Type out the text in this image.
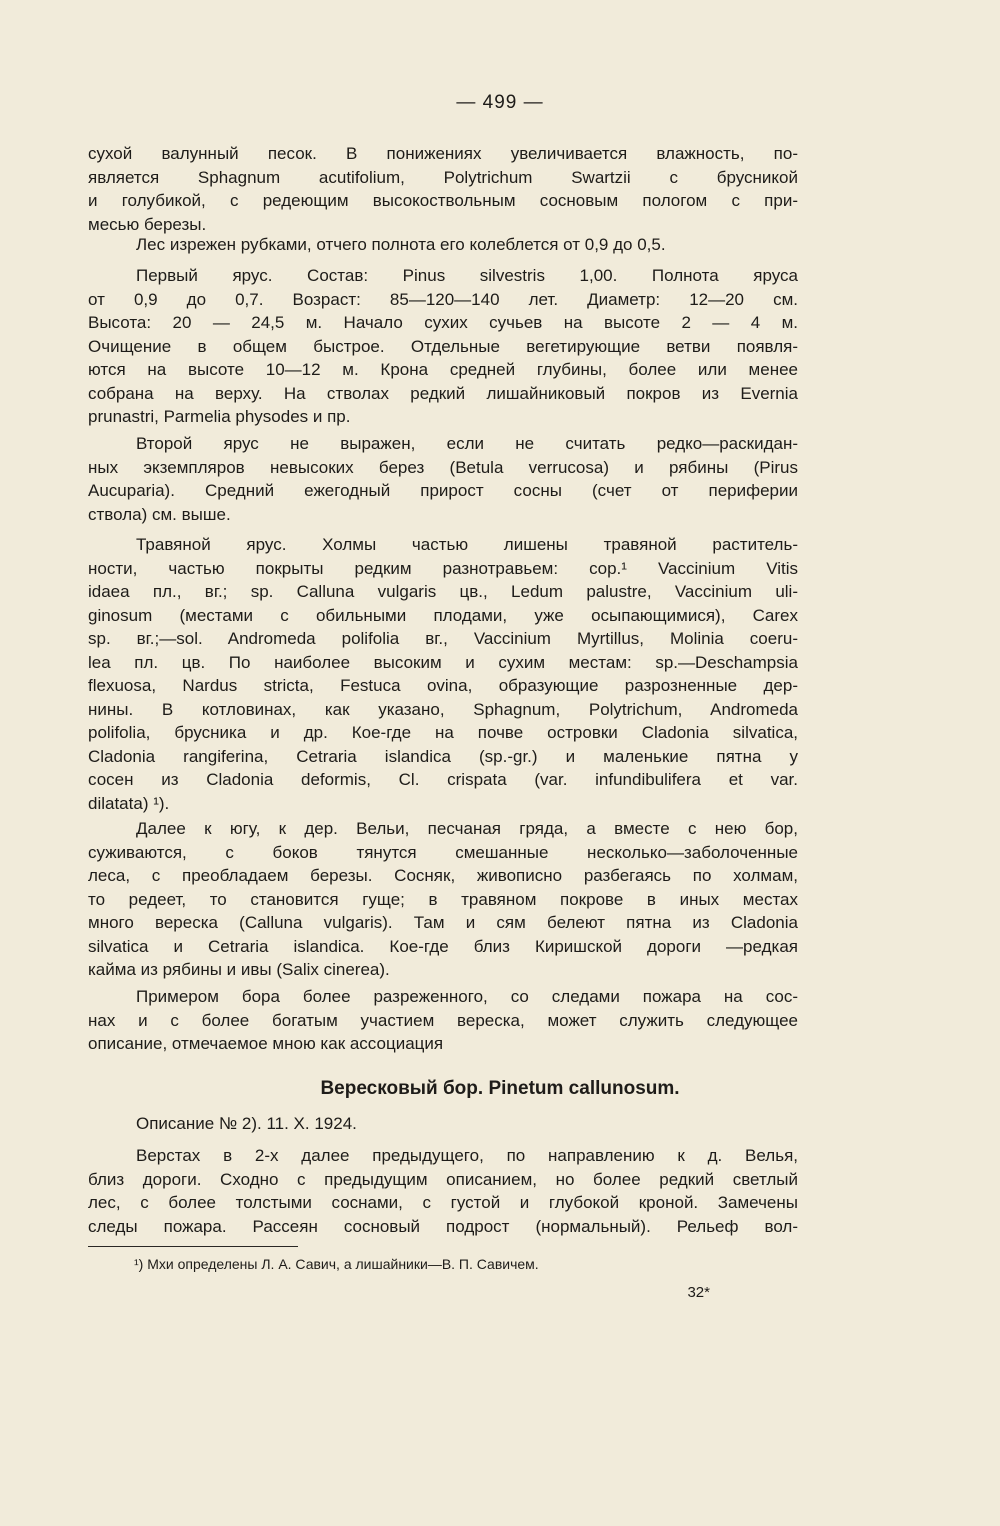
— 499 —
сухой валунный песок. В понижениях увеличивается влажность, по-
является Sphagnum acutifolium, Polytrichum Swartzii с брусникой
и голубикой, с редеющим высокоствольным сосновым пологом с при-
месью березы.
Лес изрежен рубками, отчего полнота его колеблется от 0,9 до 0,5.
Первый ярус. Состав: Pinus silvestris 1,00. Полнота яруса
от 0,9 до 0,7. Возраст: 85—120—140 лет. Диаметр: 12—20 см.
Высота: 20 — 24,5 м. Начало сухих сучьев на высоте 2 — 4 м.
Очищение в общем быстрое. Отдельные вегетирующие ветви появля-
ются на высоте 10—12 м. Крона средней глубины, более или менее
собрана на верху. На стволах редкий лишайниковый покров из Evernia
prunastri, Parmelia physodes и пр.
Второй ярус не выражен, если не считать редко—раскидан-
ных экземпляров невысоких берез (Betula verrucosa) и рябины (Pirus
Aucuparia). Средний ежегодный прирост сосны (счет от периферии
ствола) см. выше.
Травяной ярус. Холмы частью лишены травяной раститель-
ности, частью покрыты редким разнотравьем: cop.¹ Vaccinium Vitis
idaea пл., вг.; sp. Calluna vulgaris цв., Ledum palustre, Vaccinium uli-
ginosum (местами с обильными плодами, уже осыпающимися), Carex
sp. вг.;—sol. Andromeda polifolia вг., Vaccinium Myrtillus, Molinia coeru-
lea пл. цв. По наиболее высоким и сухим местам: sp.—Deschampsia
flexuosa, Nardus stricta, Festuca ovina, образующие разрозненные дер-
нины. В котловинах, как указано, Sphagnum, Polytrichum, Andromeda
polifolia, брусника и др. Кое-где на почве островки Cladonia silvatica,
Cladonia rangiferina, Cetraria islandica (sp.-gr.) и маленькие пятна у
сосен из Cladonia deformis, Cl. crispata (var. infundibulifera et var.
dilatata) ¹).
Далее к югу, к дер. Вельи, песчаная гряда, а вместе с нею бор,
суживаются, с боков тянутся смешанные несколько—заболоченные
леса, с преобладаем березы. Сосняк, живописно разбегаясь по холмам,
то редеет, то становится гуще; в травяном покрове в иных местах
много вереска (Calluna vulgaris). Там и сям белеют пятна из Cladonia
silvatica и Cetraria islandica. Кое-где близ Киришской дороги —редкая
кайма из рябины и ивы (Salix cinerea).
Примером бора более разреженного, со следами пожара на сос-
нах и с более богатым участием вереска, может служить следующее
описание, отмечаемое мною как ассоциация
Вересковый бор. Pinetum callunosum.
Описание № 2). 11. X. 1924.
Верстах в 2-х далее предыдущего, по направлению к д. Велья,
близ дороги. Сходно с предыдущим описанием, но более редкий светлый
лес, с более толстыми соснами, с густой и глубокой кроной. Замечены
следы пожара. Рассеян сосновый подрост (нормальный). Рельеф вол-
¹) Мхи определены Л. А. Савич, а лишайники—В. П. Савичем.
32*
